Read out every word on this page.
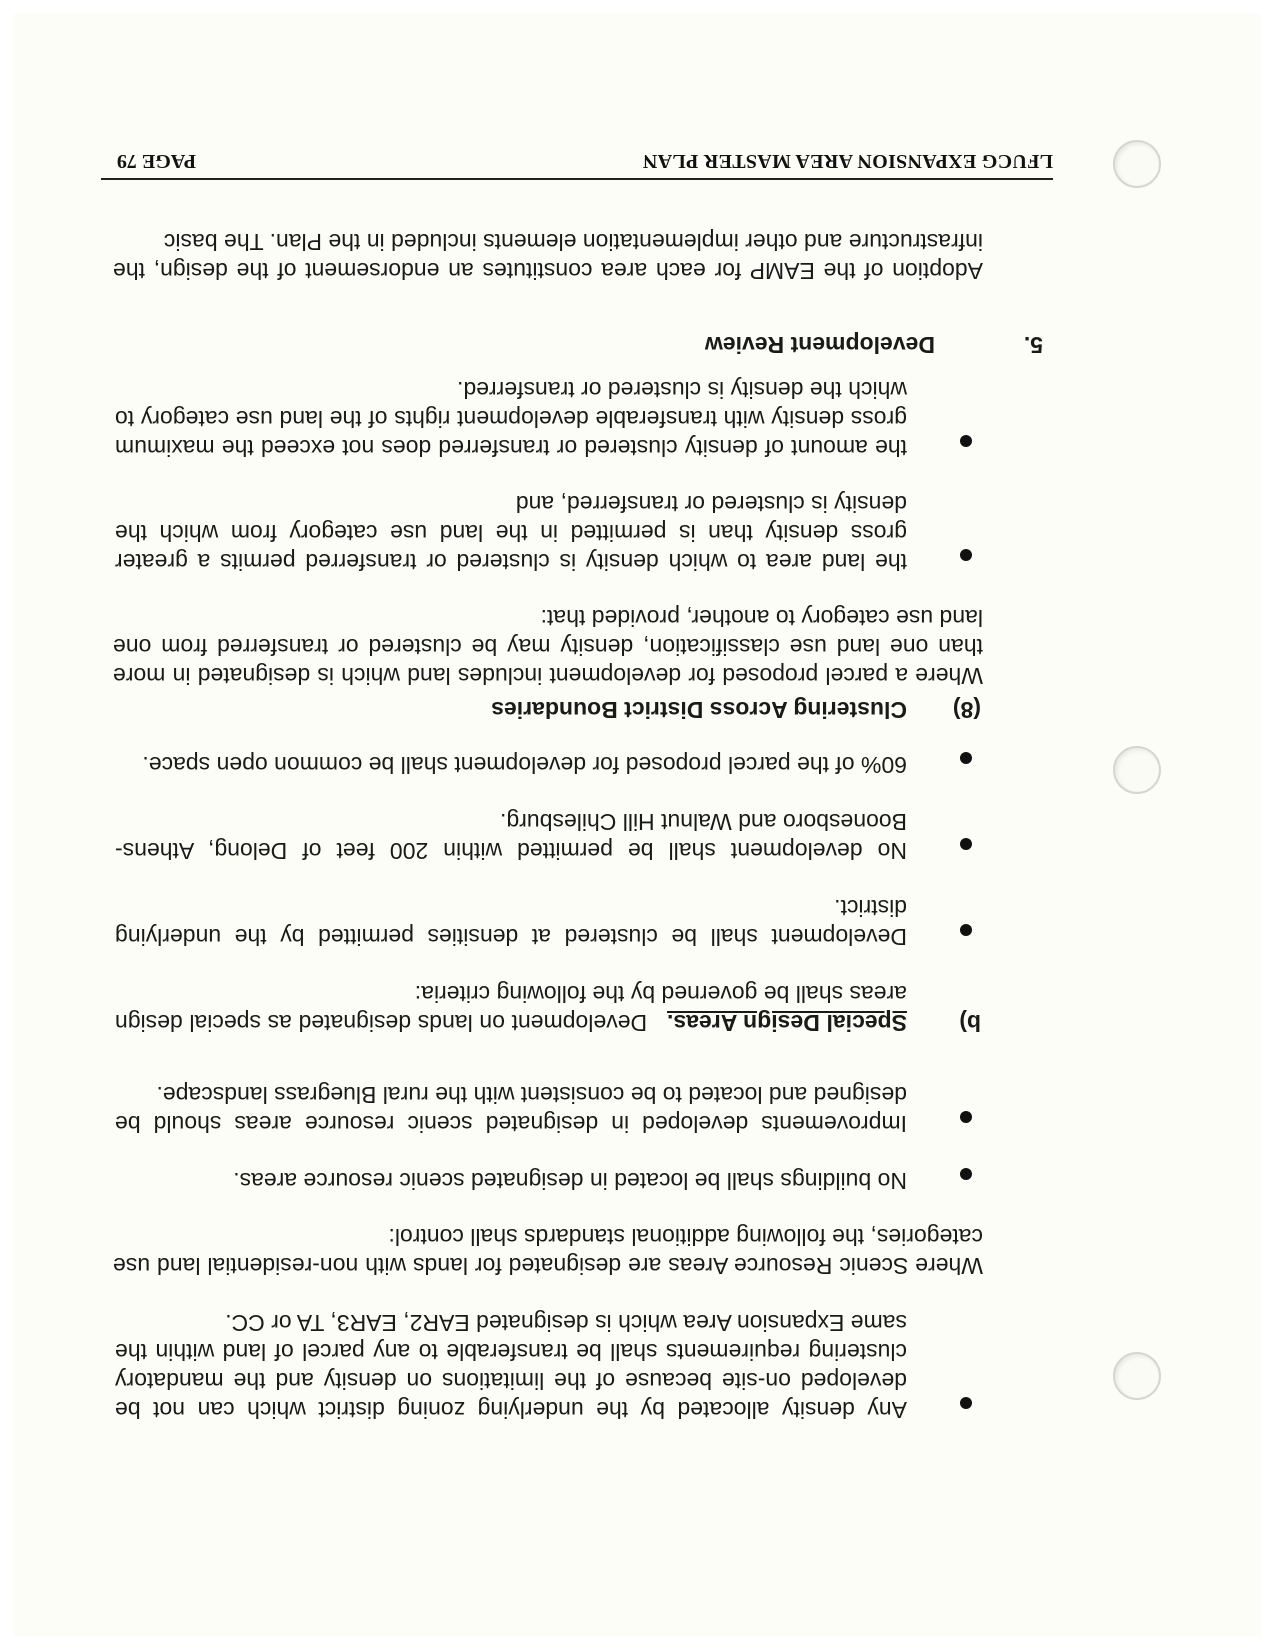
LFUCG EXPANSION AREA MASTER PLAN
PAGE 79
Adoption of the EAMP for each area constitutes an endorsement of the design, the infrastructure and other implementation elements included in the Plan. The basic
5.
Development Review
the amount of density clustered or transferred does not exceed the maximum gross density with transferable development rights of the land use category to which the density is clustered or transferred.
the land area to which density is clustered or transferred permits a greater gross density than is permitted in the land use category from which the density is clustered or transferred, and
Where a parcel proposed for development includes land which is designated in more than one land use classification, density may be clustered or transferred from one land use category to another, provided that:
(8)
Clustering Across District Boundaries
60% of the parcel proposed for development shall be common open space.
No development shall be permitted within 200 feet of Delong, Athens-Boonesboro and Walnut Hill Chilesburg.
Development shall be clustered at densities permitted by the underlying district.
b)
Special Design Areas.   Development on lands designated as special design areas shall be governed by the following criteria:
Improvements developed in designated scenic resource areas should be designed and located to be consistent with the rural Bluegrass landscape.
No buildings shall be located in designated scenic resource areas.
Where Scenic Resource Areas are designated for lands with non-residential land use categories, the following additional standards shall control:
Any density allocated by the underlying zoning district which can not be developed on-site because of the limitations on density and the mandatory clustering requirements shall be transferable to any parcel of land within the same Expansion Area which is designated EAR2, EAR3, TA or CC.
